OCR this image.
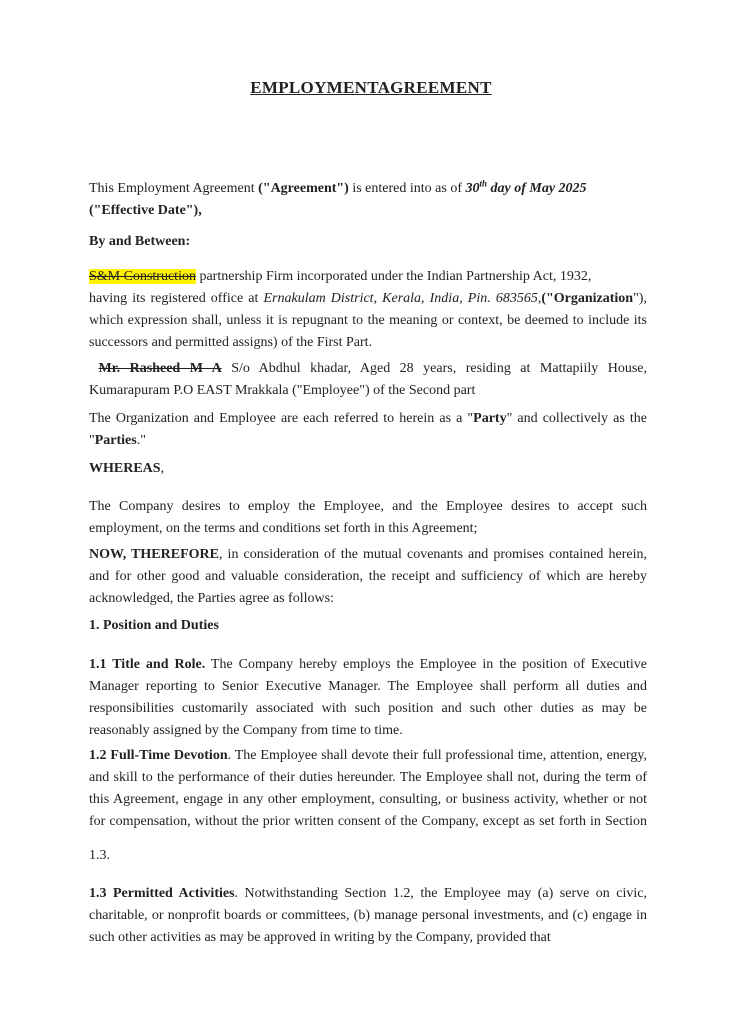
EMPLOYMENTAGREEMENT

This Employment Agreement ("Agreement") is entered into as of 30th day of May 2025
("Effective Date"),

By and Between:

S&M Construction partnership Firm incorporated under the Indian Partnership Act, 1932,
having its registered office at Ernakulam District, Kerala, India, Pin. 683565,("Organization"), which expression shall, unless it is repugnant to the meaning or context, be deemed to include its successors and permitted assigns) of the First Part.

Mr. Rasheed M A S/o Abdhul khadar, Aged 28 years, residing at Mattapiily House, Kumarapuram P.O EAST Mrakkala ("Employee") of the Second part

The Organization and Employee are each referred to herein as a "Party" and collectively as the "Parties."

WHEREAS,

The Company desires to employ the Employee, and the Employee desires to accept such employment, on the terms and conditions set forth in this Agreement;

NOW, THEREFORE, in consideration of the mutual covenants and promises contained herein, and for other good and valuable consideration, the receipt and sufficiency of which are hereby acknowledged, the Parties agree as follows:

1. Position and Duties

1.1 Title and Role. The Company hereby employs the Employee in the position of Executive Manager reporting to Senior Executive Manager. The Employee shall perform all duties and responsibilities customarily associated with such position and such other duties as may be reasonably assigned by the Company from time to time.

1.2 Full-Time Devotion. The Employee shall devote their full professional time, attention, energy, and skill to the performance of their duties hereunder. The Employee shall not, during the term of this Agreement, engage in any other employment, consulting, or business activity, whether or not for compensation, without the prior written consent of the Company, except as set forth in Section

1.3.

1.3 Permitted Activities. Notwithstanding Section 1.2, the Employee may (a) serve on civic, charitable, or nonprofit boards or committees, (b) manage personal investments, and (c) engage in such other activities as may be approved in writing by the Company, provided that
